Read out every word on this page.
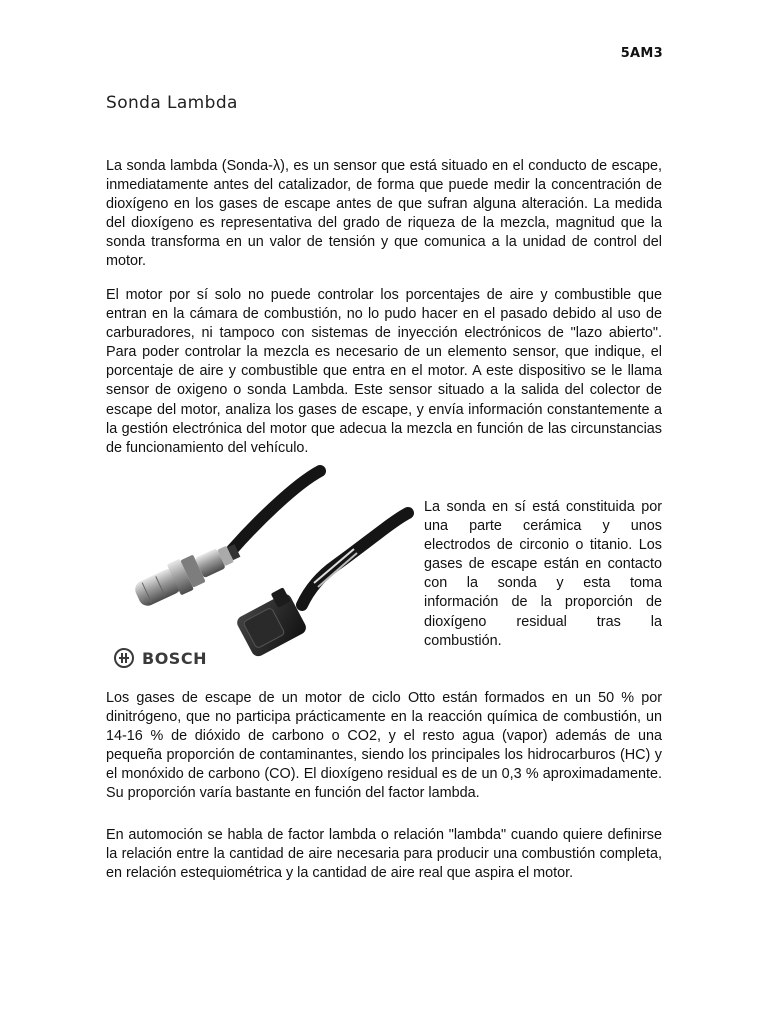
5AM3
Sonda Lambda

La sonda lambda (Sonda-λ), es un sensor que está situado en el conducto de escape, inmediatamente antes del catalizador, de forma que puede medir la concentración de dioxígeno en los gases de escape antes de que sufran alguna alteración. La medida del dioxígeno es representativa del grado de riqueza de la mezcla, magnitud que la sonda transforma en un valor de tensión y que comunica a la unidad de control del motor.

El motor por sí solo no puede controlar los porcentajes de aire y combustible que entran en la cámara de combustión, no lo pudo hacer en el pasado debido al uso de carburadores, ni tampoco con sistemas de inyección electrónicos de "lazo abierto". Para poder controlar la mezcla es necesario de un elemento sensor, que indique, el porcentaje de aire y combustible que entra en el motor. A este dispositivo se le llama sensor de oxigeno o sonda Lambda. Este sensor situado a la salida del colector de escape del motor, analiza los gases de escape, y envía información constantemente a la gestión electrónica del motor que adecua la mezcla en función de las circunstancias de funcionamiento del vehículo.

BOSCH

La sonda en sí está constituida por una parte cerámica y unos electrodos de circonio o titanio. Los gases de escape están en contacto con la sonda y esta toma información de la proporción de dioxígeno residual tras la combustión.

Los gases de escape de un motor de ciclo Otto están formados en un 50 % por dinitrógeno, que no participa prácticamente en la reacción química de combustión, un 14-16 % de dióxido de carbono o CO2, y el resto agua (vapor) además de una pequeña proporción de contaminantes, siendo los principales los hidrocarburos (HC) y el monóxido de carbono (CO). El dioxígeno residual es de un 0,3 % aproximadamente. Su proporción varía bastante en función del factor lambda.

En automoción se habla de factor lambda o relación "lambda" cuando quiere definirse la relación entre la cantidad de aire necesaria para producir una combustión completa, en relación estequiométrica y la cantidad de aire real que aspira el motor.
